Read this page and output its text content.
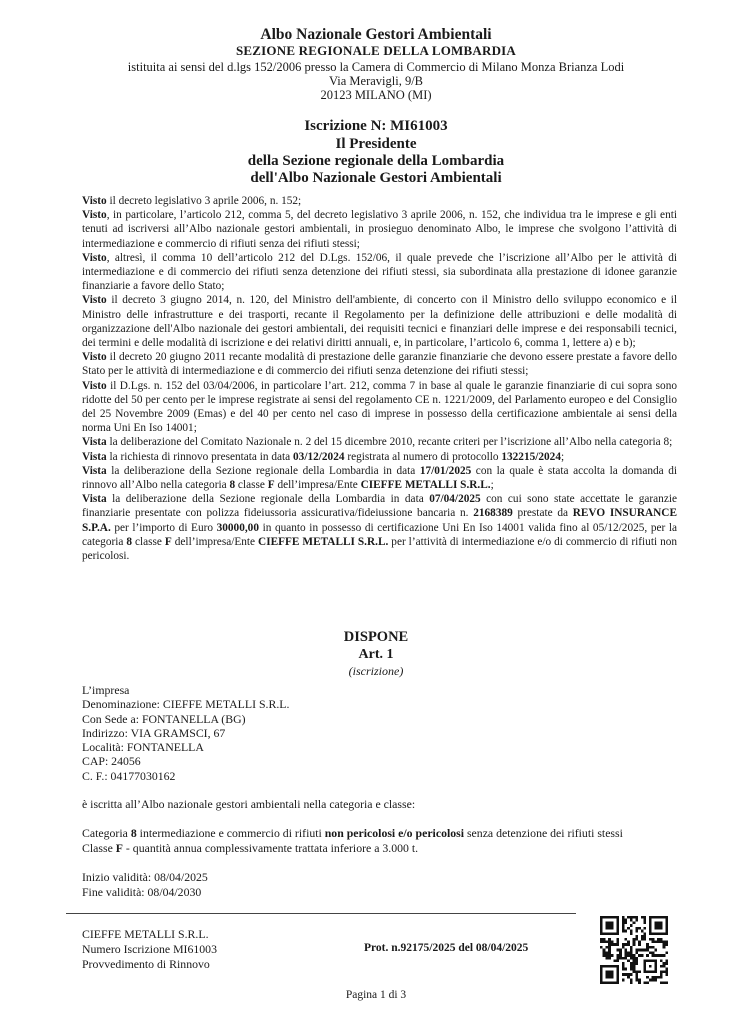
Albo Nazionale Gestori Ambientali
SEZIONE REGIONALE DELLA LOMBARDIA
istituita ai sensi del d.lgs 152/2006 presso la Camera di Commercio di Milano Monza Brianza Lodi
Via Meravigli, 9/B
20123 MILANO (MI)
Iscrizione N: MI61003
Il Presidente
della Sezione regionale della Lombardia
dell'Albo Nazionale Gestori Ambientali

Visto il decreto legislativo 3 aprile 2006, n. 152;

Visto, in particolare, l’articolo 212, comma 5, del decreto legislativo 3 aprile 2006, n. 152, che individua tra le imprese e gli enti tenuti ad iscriversi all’Albo nazionale gestori ambientali, in prosieguo denominato Albo, le imprese che svolgono l’attività di intermediazione e commercio di rifiuti senza dei rifiuti stessi;

Visto, altresì, il comma 10 dell’articolo 212 del D.Lgs. 152/06, il quale prevede che l’iscrizione all’Albo per le attività di intermediazione e di commercio dei rifiuti senza detenzione dei rifiuti stessi, sia subordinata alla prestazione di idonee garanzie finanziarie a favore dello Stato;

Visto il decreto 3 giugno 2014, n. 120, del Ministro dell'ambiente, di concerto con il Ministro dello sviluppo economico e il Ministro delle infrastrutture e dei trasporti, recante il Regolamento per la definizione delle attribuzioni e delle modalità di organizzazione dell'Albo nazionale dei gestori ambientali, dei requisiti tecnici e finanziari delle imprese e dei responsabili tecnici, dei termini e delle modalità di iscrizione e dei relativi diritti annuali, e, in particolare, l’articolo 6, comma 1, lettere a) e b);

Visto il decreto 20 giugno 2011 recante modalità di prestazione delle garanzie finanziarie che devono essere prestate a favore dello Stato per le attività di intermediazione e di commercio dei rifiuti senza detenzione dei rifiuti stessi;

Visto il D.Lgs. n. 152 del 03/04/2006, in particolare l’art. 212, comma 7 in base al quale le garanzie finanziarie di cui sopra sono ridotte del 50 per cento per le imprese registrate ai sensi del regolamento CE n. 1221/2009, del Parlamento europeo e del Consiglio del 25 Novembre 2009 (Emas) e del 40 per cento nel caso di imprese in possesso della certificazione ambientale ai sensi della norma Uni En Iso 14001;

Vista la deliberazione del Comitato Nazionale n. 2 del 15 dicembre 2010, recante criteri per l’iscrizione all’Albo nella categoria 8;

Vista la richiesta di rinnovo presentata in data 03/12/2024 registrata al numero di protocollo 132215/2024;

Vista la deliberazione della Sezione regionale della Lombardia in data 17/01/2025 con la quale è stata accolta la domanda di rinnovo all’Albo nella categoria 8 classe F dell’impresa/Ente CIEFFE METALLI S.R.L.;

Vista la deliberazione della Sezione regionale della Lombardia in data 07/04/2025 con cui sono state accettate le garanzie finanziarie presentate con polizza fideiussoria assicurativa/fideiussione bancaria n. 2168389 prestate da REVO INSURANCE S.P.A. per l’importo di Euro 30000,00 in quanto in possesso di certificazione Uni En Iso 14001 valida fino al 05/12/2025, per la categoria 8 classe F dell’impresa/Ente CIEFFE METALLI S.R.L. per l’attività di intermediazione e/o di commercio di rifiuti non pericolosi.

DISPONE
Art. 1
(iscrizione)
L’impresa
Denominazione: CIEFFE METALLI S.R.L.
Con Sede a: FONTANELLA (BG)
Indirizzo: VIA GRAMSCI, 67
Località: FONTANELLA
CAP: 24056
C. F.: 04177030162
è iscritta all’Albo nazionale gestori ambientali nella categoria e classe:
Categoria 8 intermediazione e commercio di rifiuti non pericolosi e/o pericolosi senza detenzione dei rifiuti stessi
Classe F - quantità annua complessivamente trattata inferiore a 3.000 t.
Inizio validità: 08/04/2025
Fine validità: 08/04/2030
CIEFFE METALLI S.R.L.
Numero Iscrizione MI61003
Provvedimento di Rinnovo
Prot. n.92175/2025 del 08/04/2025
Pagina 1 di 3
